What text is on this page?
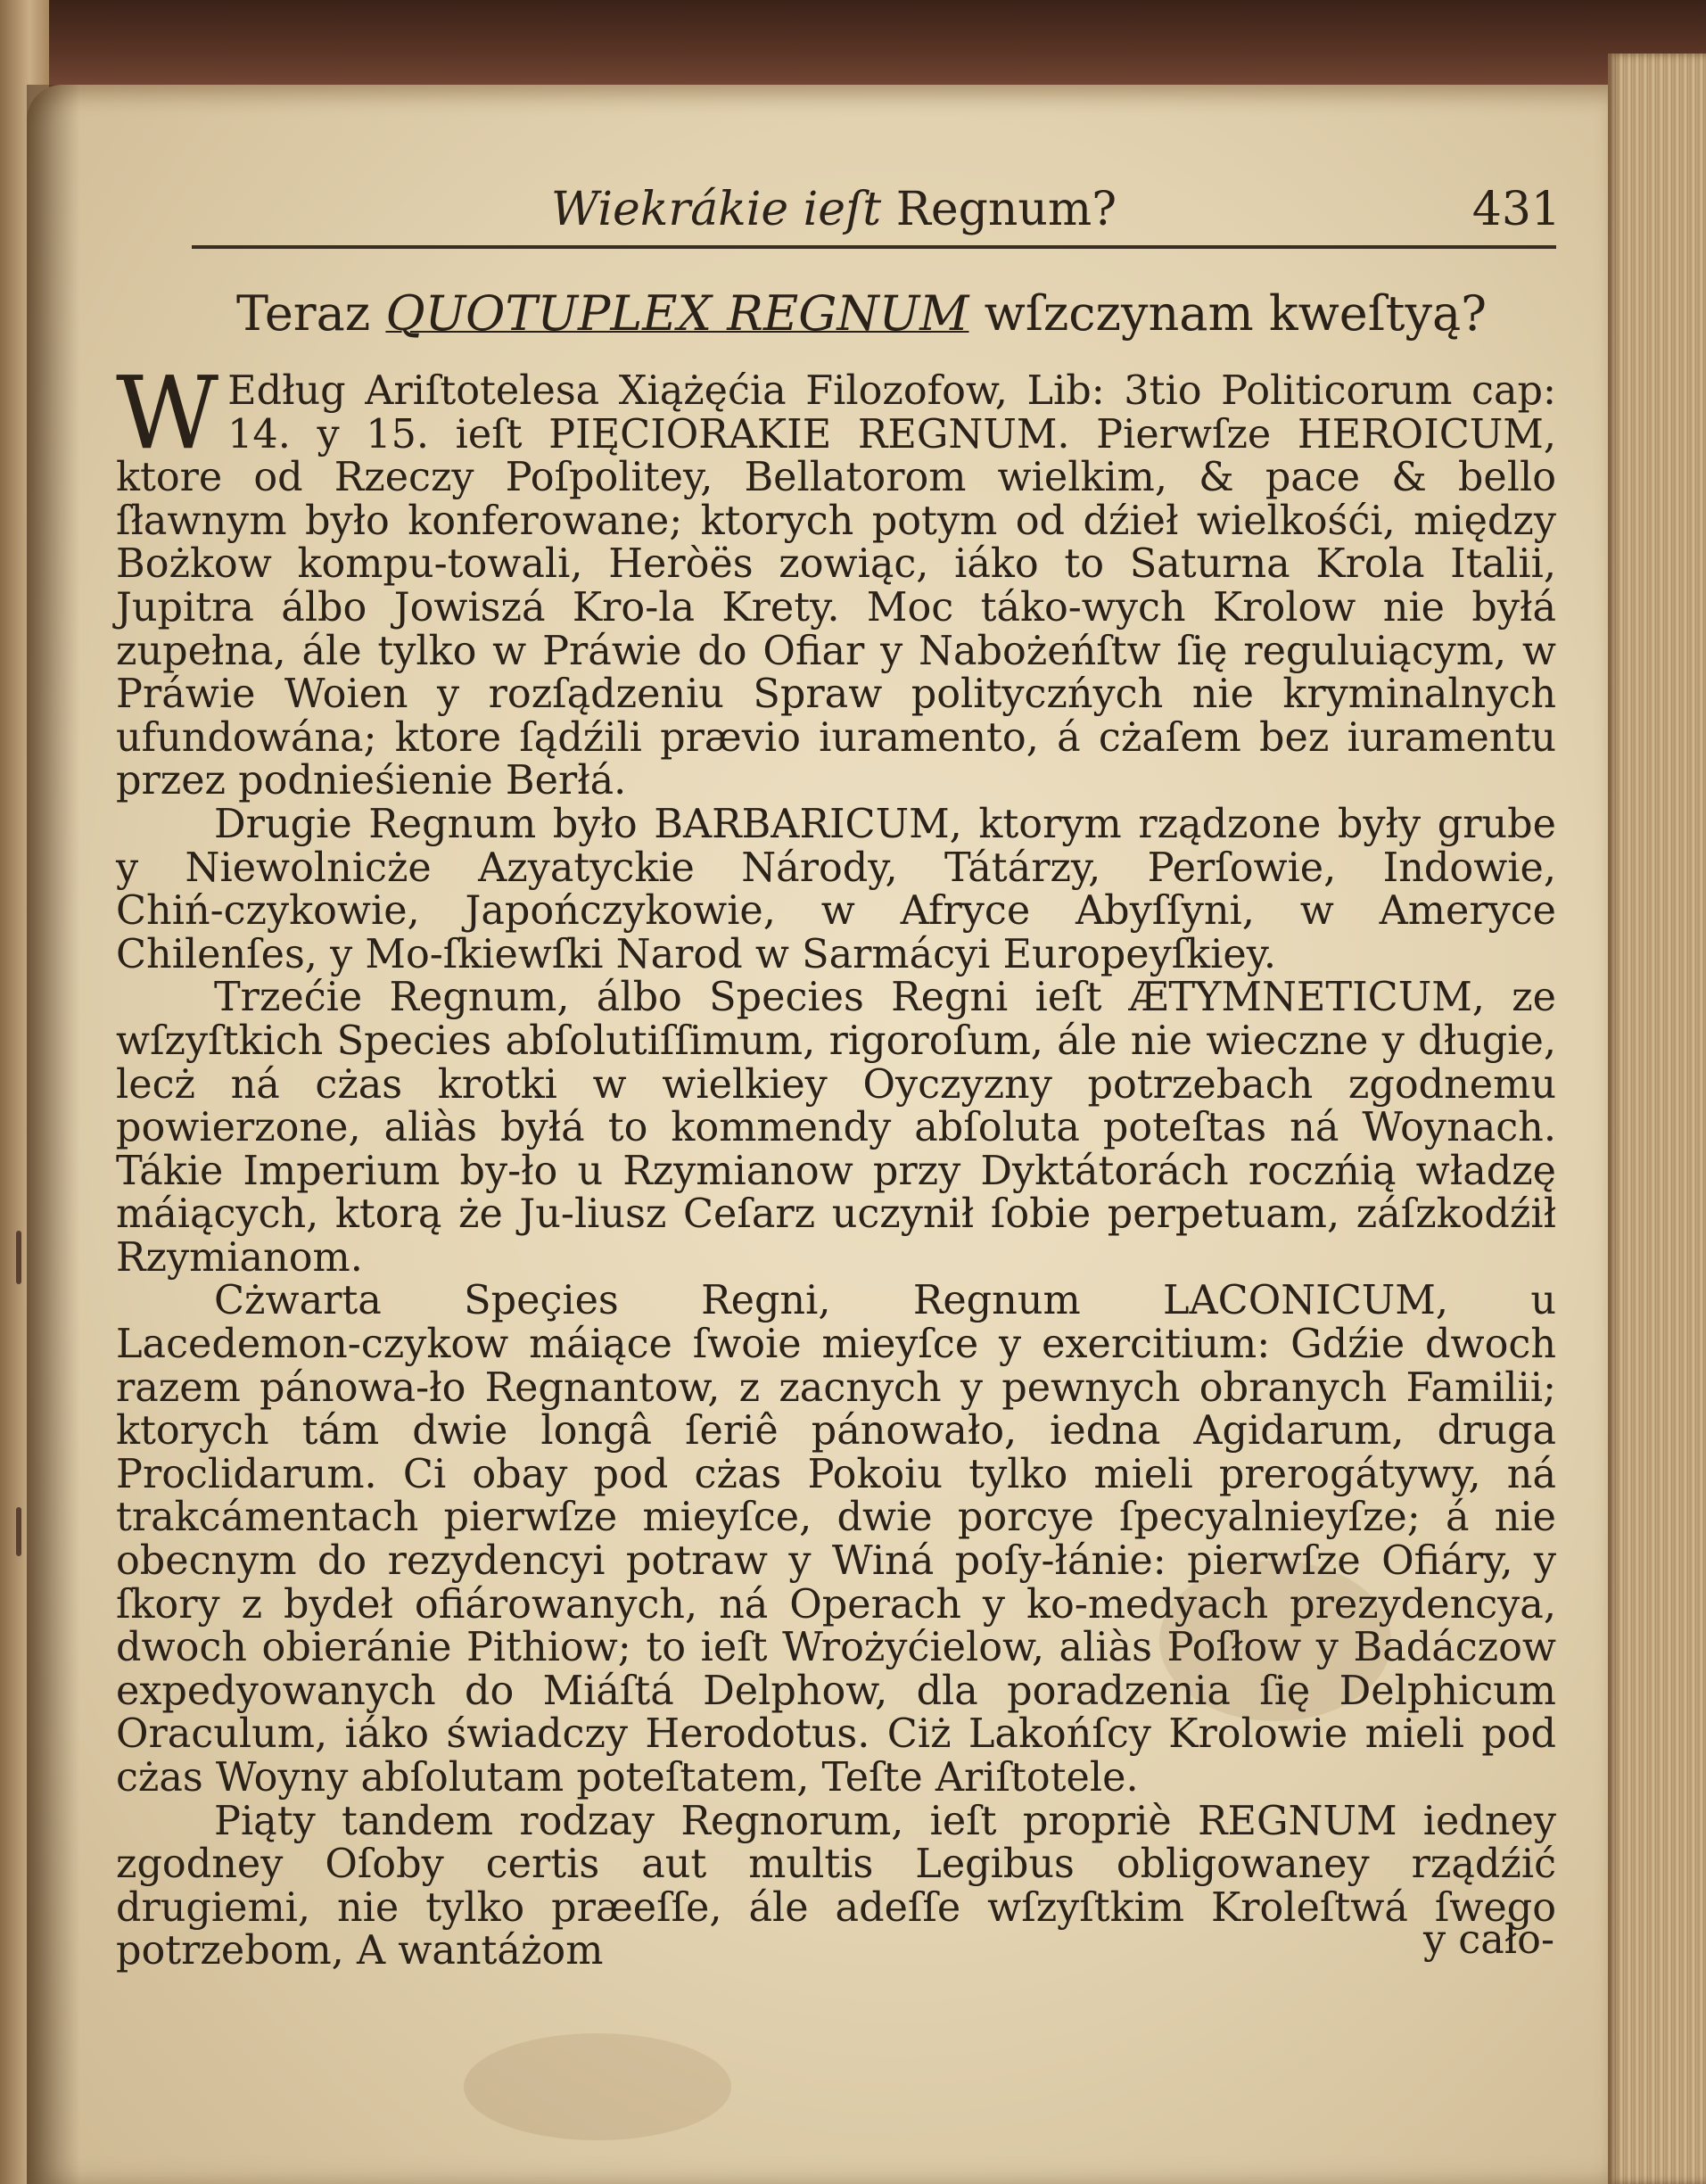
Wiekrákie ieſt Regnum?	431
Teraz QUOTUPLEX REGNUM wſzczynam kweſtyą?

W Edług Ariſtotelesa Xiążęćia Filozofow, Lib: 3tio Politicorum cap: 14. y 15. ieſt PIĘCIORAKIE REGNUM. Pierwſze HEROICUM, ktore od Rzeczy Poſpolitey, Bellatorom wielkim, & pace & bello ſławnym było konferowane; ktorych potym od dźieł wielkośći, między Bożkow kompu‑towali, Heròës zowiąc, iáko to Saturna Krola Italii, Jupitra álbo Jowiszá Kro‑la Krety. Moc táko‑wych Krolow nie byłá zupełna, ále tylko w Práwie do Ofiar y Nabożeńſtw ſię reguluiącym, w Práwie Woien y rozſądzeniu Spraw polityczńych nie kryminalnych ufundowána; ktore ſądźili prævio iuramento, á cżaſem bez iuramentu przez podnieśienie Berłá.

Drugie Regnum było BARBARICUM, ktorym rządzone były grube y Niewolnicże Azyatyckie Národy, Tátárzy, Perſowie, Indowie, Chiń‑czykowie, Japończykowie, w Afryce Abyſſyni, w Ameryce Chilenſes, y Mo‑ſkiewſki Narod w Sarmácyi Europeyſkiey.

Trzećie Regnum, álbo Species Regni ieſt ÆTYMNETICUM, ze wſzyſtkich Species abſolutiſſimum, rigoroſum, ále nie wieczne y długie, lecż ná cżas krotki w wielkiey Oyczyzny potrzebach zgodnemu powierzone, aliàs byłá to kommendy abſoluta poteſtas ná Woynach. Tákie Imperium by‑ło u Rzymianow przy Dyktátorách roczńią władzę máiących, ktorą że Ju‑liusz Ceſarz uczynił ſobie perpetuam, záſzkodźił Rzymianom.

Cżwarta Speçies Regni, Regnum LACONICUM, u Lacedemon‑czykow máiące ſwoie mieyſce y exercitium: Gdźie dwoch razem pánowa‑ło Regnantow, z zacnych y pewnych obranych Familii; ktorych tám dwie longâ ſeriê pánowało, iedna Agidarum, druga Proclidarum. Ci obay pod cżas Pokoiu tylko mieli prerogátywy, ná trakcámentach pierwſze mieyſce, dwie porcye ſpecyalnieyſze; á nie obecnym do rezydencyi potraw y Winá poſy‑łánie: pierwſze Ofiáry, y ſkory z bydeł ofiárowanych, ná Operach y ko‑medyach prezydencya, dwoch obierániе Pithiow; to ieſt Wrożyćielow, aliàs Poſłow y Badáczow expedyowanych do Miáſtá Delphow, dla poradzenia ſię Delphicum Oraculum, iáko świadczy Herodotus. Ciż Lakońſcy Krolowie mieli pod cżas Woyny abſolutam poteſtatem, Teſte Ariſtotele.

Piąty tandem rodzay Regnorum, ieſt propriè REGNUM iedney zgodney Oſoby certis aut multis Legibus obligowaney rządźić drugiemi, nie tylko præeſſe, ále adeſſe wſzyſtkim Kroleſtwá ſwego potrzebom, A wantáżom	y cało-
